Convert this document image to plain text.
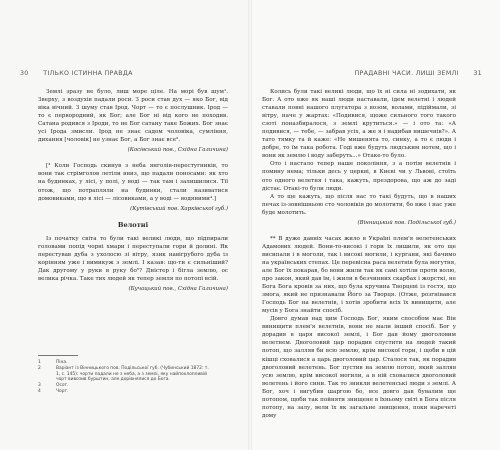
30 ТІЛЬКО ІСТИННА ПРАВДА

Землі зразу не було, лиш море ціле. На морі був шум¹. Зверху, з воздухів падали роси. З роси став дух — яко Бог, від віка вічний. З шуму став Ірод. Чорт — то є послушник. Ірод — то є первородний, як Бог; але Бог ні від кого не походив. Сатана родився з Іроди, то не Бог сатану таке Божих. Бог знає усі Ірода змисли. Ірод не знає садом чоловіка, сумління, дихання [чоловік] не узнає Бог, а Бог знає все².

(Косівський пов., Східна Галичина)

[³ Коли Господь скинув з неба янголів-перестугників, то вони так стрімголов летіли вниз, що падали поносами: як хто на будинках, у лісі, у полі, у воді — так там і залишилися. Тії отож, що потрапляли на будинки, стали називатися домовиками, що в лісі — лісовиками, а у воді — водяними⁴.]

(Кутівський пов. Харківської губ.)
Велотні

Із початку світа то були такі великі люди, що підпирали головами попід чорні хмари і переступали гори й долині. Як перестував дуба з ухолосю зі вітру, язик навігрубого дуба із корінням уже і вимикуж з землі. І казав: що-ти є сильніший? Дак другому у руки в руку бо⁵? Дністер і бігла землю, ос велика річка. Таке тих людей як тепер земля по потопі всій.

(Бучацький пов., Східна Галичина)
1	Піна.
2	Варіант із Вінницького пов. Подільської губ. (Чубинський 1872: т. 1, с. 145): чорти падали не з неба, а з землі, яку найпохлопливій чорт вивозив бурштин, але дорівнялися до Бога.
3	Осот.
4	Чорт.
ПРАДАВНІ ЧАСИ. ЛИШІ ЗЕМЛІ 31

Колись були такі великі люди, що їх ні сила ні зодихати, як Бог. А ото вже як наші люди наставали, ідем велетні і людей ставали повні нашого плугатора з возом, волами, підіймали, зі вітру, наче у жартах: «Подивися, щоже сильного того такого сзоті поназбиралося, з землі крутиться.» — і ото та: «А подивися, — тебе, — забрав усіх, а же я і надибав нишечнів?». А тато тямку та й каже: «Не мишенята то, синку, а то є люди і добре, то їм така робота. Годі вже будуть людським нотем, що і вони як землю і воду заберуть...» Отаке-то було.

Ото і настало тепер наше покоління, з а потім велетнів і помину нема; тільки десь у церкві, в Києві чи у Львові, стоїть ото одного велетня і така, кажуть, прездорова, що аж до заді дістає. Отакі-то були люди.

А то ще кажуть, що після нас то такі будуть, що в наших печах із-зовнішньою сто чоловіків до молотити, бо вже і нас уже буде молотить.

(Вінницький пов. Подільської губ.)

** В дуже давніх часах жило в Україні плем'я велетенських Адамових людей. Вони-то-високі і гори їх лишили, як ото ще висипали і в моголи, так і високі могили, і кургани, які бачимо на українських степах. Це перевісна раса велетнів була могутня, але Бог їх покарав, бо вони жили так як самі хотіли проти волю, про закон, який дав їм, і жили в безчинних скарбах і жорсткі, не Бога Бога кровів за них, що була кручина Творцеві із гостя, що змога, який не признавали Його за Творця. (Отже, розгнівався Господь Бог на велетнів, і хотів зробити всіх їх винищити, але мусів у Бога знайти спосіб.

Довго думав над цим Господь Бог, яким способом має Він винищити плем'я велетнів, вони не мали інший спосіб. Бог у дорадив в царя високої землі, і Бог дав йому двоголовим велетнем. Двоголовий цар порадив спустити на людей такий потоп, що залляв би всю землю, крім високої гори, і щоби в цій кішці сховалися а царь двоголовий цар. Сталося так, як порадив двоголовий велетень. Бог пустив на землю потоп, який залляв усю землю, крім високої могили, а в ній сховалися двоголовий велетень і його сини. Так то зникли велетенські люди з землі. А Бог, хоч і вигубив шаргою бо, все довго дав бувалим ще потопом, щоби так пойняти знищене в їхньому світі в Бога після потопу, на залу, вели їх як загальне знищення, поки наречеті дому
